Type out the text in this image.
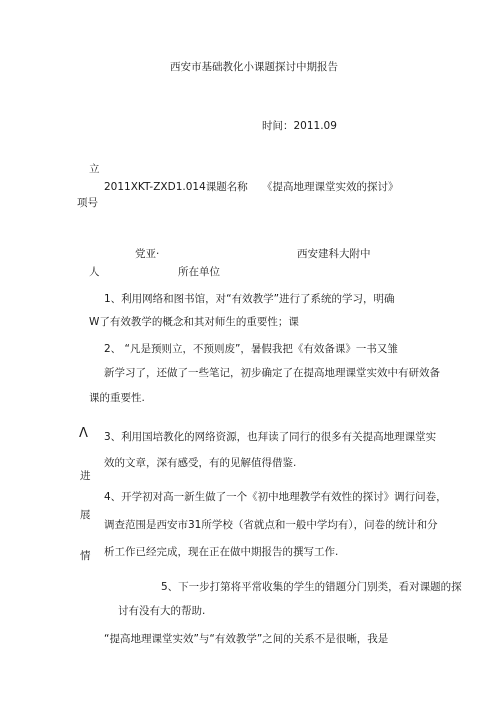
西安市基础教化小课题探讨中期报告
时间：2011.09
立
2011XKT-ZXD1.014课题名称 《提高地理课堂实效的探讨》
项号
党亚·	西安建科大附中
人	所在单位
1、利用网络和图书馆，对“有效教学”进行了系统的学习，明确
W了有效教学的概念和其对师生的重要性；课
2、 “凡是预则立，不预则废”，暑假我把《有效备课》一书又雏
新学习了，还做了一些笔记，初步确定了在提高地理课堂实效中有研效备
课的重要性.
Λ 3、利用国培教化的网络资源，也拜读了同行的很多有关提高地理课堂实
效的文章，深有感受，有的见解值得借鉴.
进
4、开学初对高一新生做了一个《初中地理教学有效性的探讨》调行问卷，
展
调查范围是西安市31所学校（省就点和一般中学均有），问卷的统计和分
析工作已经完成，现在正在做中期报告的撰写工作.
情
5、下一步打第将平常收集的学生的错题分门别类，看对课题的探
讨有没有大的帮助.
“提高地理课堂实效”与“有效教学”之间的关系不是很晰，我是
